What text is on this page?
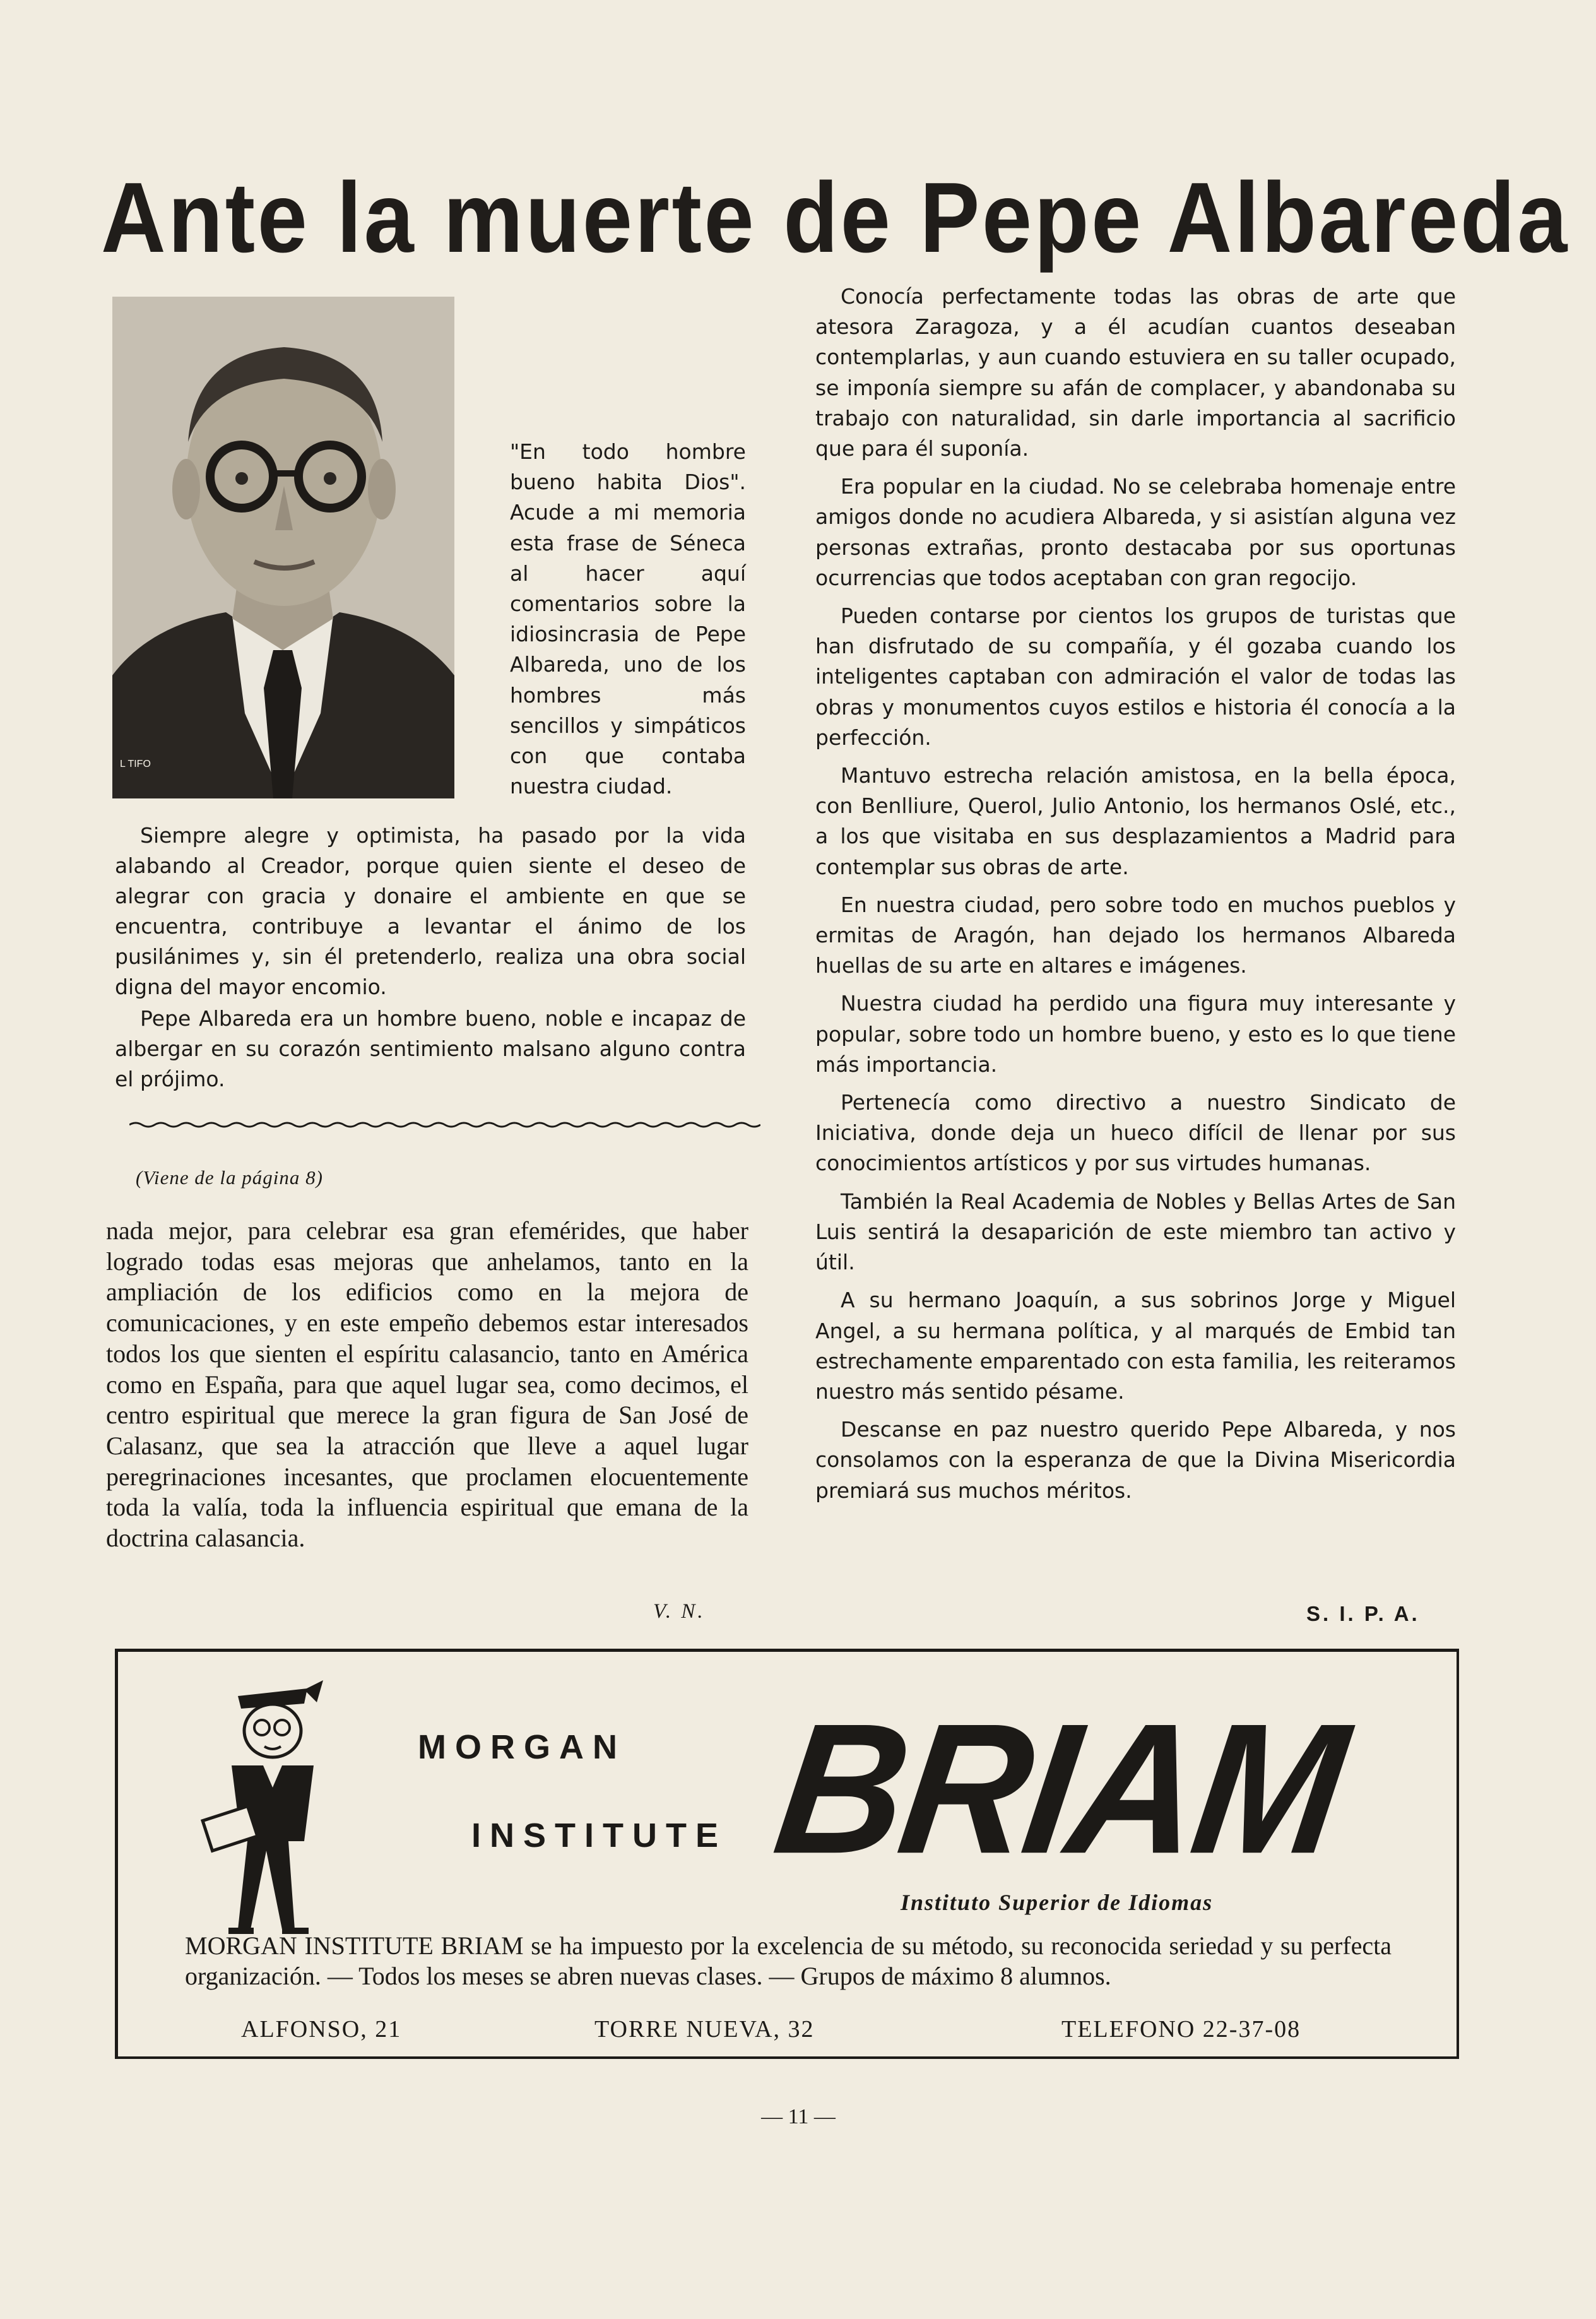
Ante la muerte de Pepe Albareda
L TIFO

"En todo hombre bueno habita Dios". Acude a mi memoria esta frase de Séneca al hacer aquí comentarios sobre la idiosincrasia de Pepe Albareda, uno de los hombres más sencillos y simpáticos con que contaba nuestra ciudad.

Siempre alegre y optimista, ha pasado por la vida alabando al Creador, porque quien siente el deseo de alegrar con gracia y donaire el ambiente en que se encuentra, contribuye a levantar el ánimo de los pusilánimes y, sin él pretenderlo, realiza una obra social digna del mayor encomio.

Pepe Albareda era un hombre bueno, noble e incapaz de albergar en su corazón sentimiento malsano alguno contra el prójimo.

(Viene de la página 8)

nada mejor, para celebrar esa gran efemérides, que haber logrado todas esas mejoras que anhelamos, tanto en la ampliación de los edificios como en la mejora de comunicaciones, y en este empeño debemos estar interesados todos los que sienten el espíritu calasancio, tanto en América como en España, para que aquel lugar sea, como decimos, el centro espiritual que merece la gran figura de San José de Calasanz, que sea la atracción que lleve a aquel lugar peregrinaciones incesantes, que proclamen elocuentemente toda la valía, toda la influencia espiritual que emana de la doctrina calasancia.

V. N.

Conocía perfectamente todas las obras de arte que atesora Zaragoza, y a él acudían cuantos deseaban contemplarlas, y aun cuando estuviera en su taller ocupado, se imponía siempre su afán de complacer, y abandonaba su trabajo con naturalidad, sin darle importancia al sacrificio que para él suponía.

Era popular en la ciudad. No se celebraba homenaje entre amigos donde no acudiera Albareda, y si asistían alguna vez personas extrañas, pronto destacaba por sus oportunas ocurrencias que todos aceptaban con gran regocijo.

Pueden contarse por cientos los grupos de turistas que han disfrutado de su compañía, y él gozaba cuando los inteligentes captaban con admiración el valor de todas las obras y monumentos cuyos estilos e historia él conocía a la perfección.

Mantuvo estrecha relación amistosa, en la bella época, con Benlliure, Querol, Julio Antonio, los hermanos Oslé, etc., a los que visitaba en sus desplazamientos a Madrid para contemplar sus obras de arte.

En nuestra ciudad, pero sobre todo en muchos pueblos y ermitas de Aragón, han dejado los hermanos Albareda huellas de su arte en altares e imágenes.

Nuestra ciudad ha perdido una figura muy interesante y popular, sobre todo un hombre bueno, y esto es lo que tiene más importancia.

Pertenecía como directivo a nuestro Sindicato de Iniciativa, donde deja un hueco difícil de llenar por sus conocimientos artísticos y por sus virtudes humanas.

También la Real Academia de Nobles y Bellas Artes de San Luis sentirá la desaparición de este miembro tan activo y útil.

A su hermano Joaquín, a sus sobrinos Jorge y Miguel Angel, a su hermana política, y al marqués de Embid tan estrechamente emparentado con esta familia, les reiteramos nuestro más sentido pésame.

Descanse en paz nuestro querido Pepe Albareda, y nos consolamos con la esperanza de que la Divina Misericordia premiará sus muchos méritos.

S. I. P. A.

MORGAN

INSTITUTE BRIAM

Instituto Superior de Idiomas

MORGAN INSTITUTE BRIAM se ha impuesto por la excelencia de su método, su reconocida seriedad y su perfecta organización. — Todos los meses se abren nuevas clases. — Grupos de máximo 8 alumnos.

ALFONSO, 21	TORRE NUEVA, 32	TELEFONO 22-37-08

— 11 —
